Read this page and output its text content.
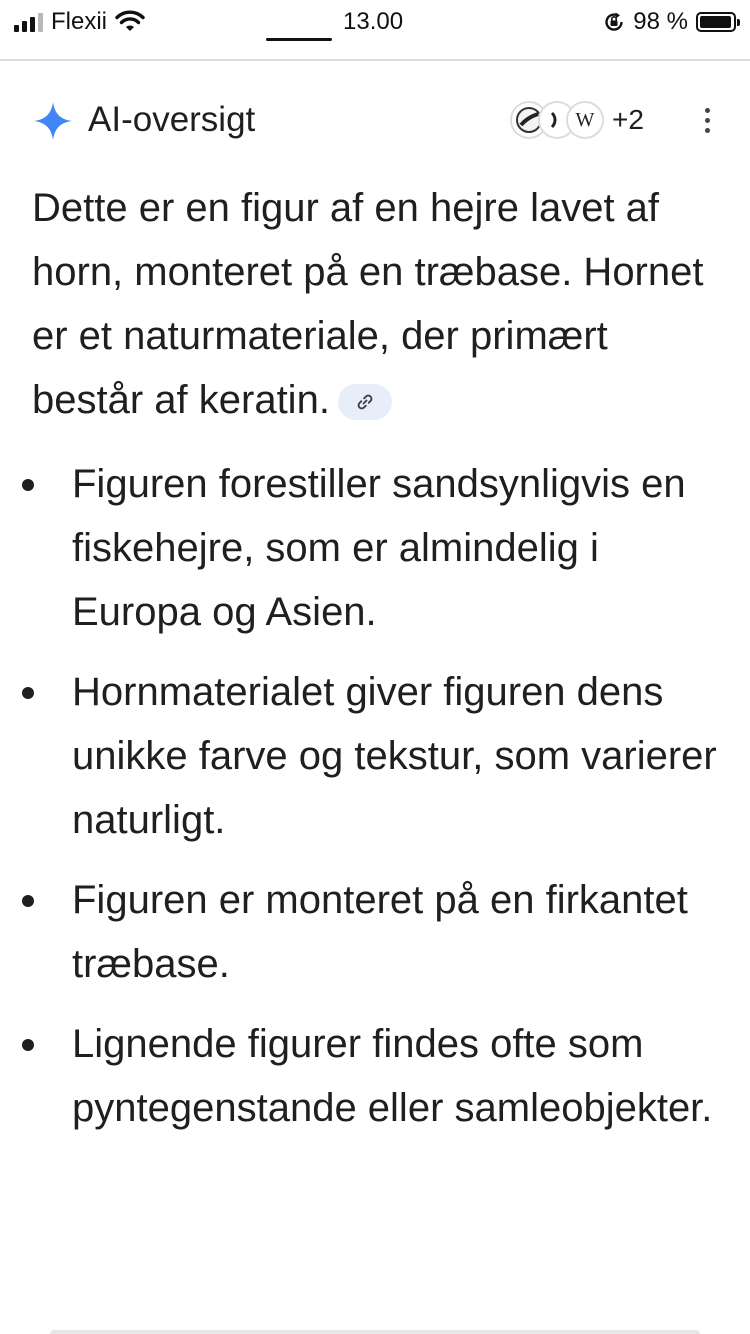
Flexii	13.00	98 %
AI-oversigt	W +2

Dette er en figur af en hejre lavet af horn, monteret på en træbase. Hornet er et naturmateriale, der primært består af keratin.

Figuren forestiller sandsynligvis en fiskehejre, som er almindelig i Europa og Asien.
Hornmaterialet giver figuren dens unikke farve og tekstur, som varierer naturligt.
Figuren er monteret på en firkantet træbase.
Lignende figurer findes ofte som pyntegenstande eller samleobjekter.
